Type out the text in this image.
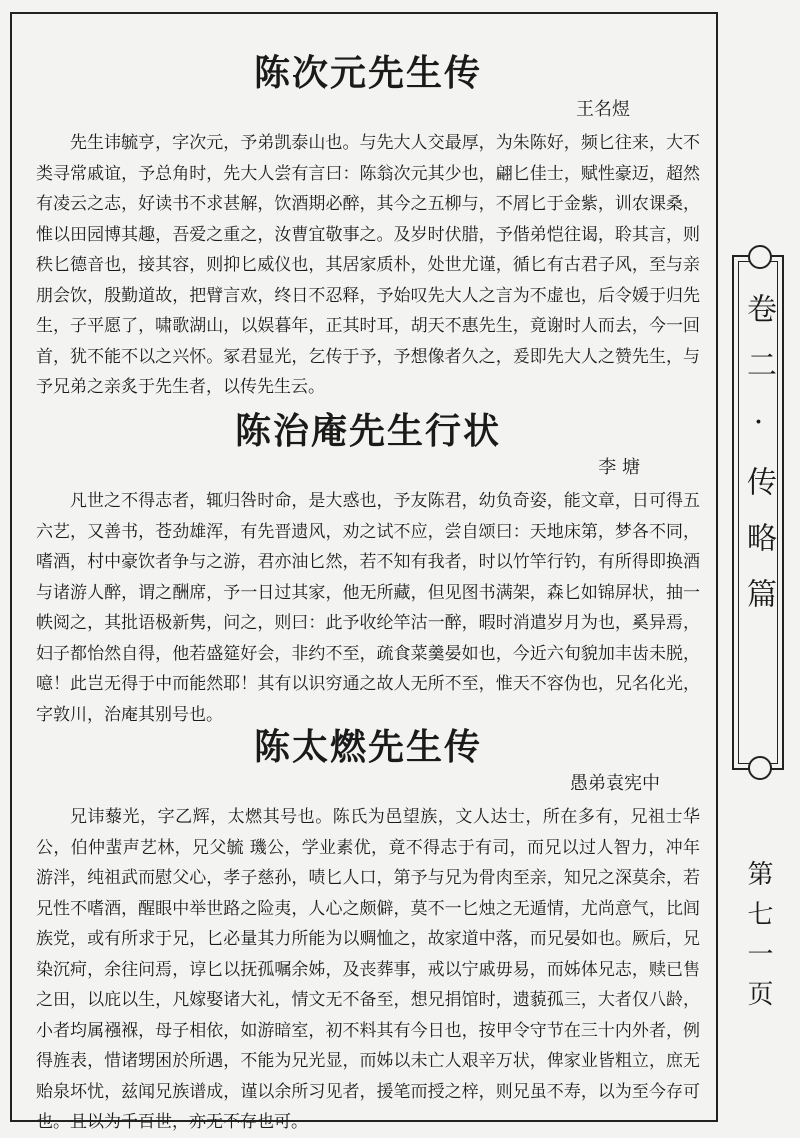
陈次元先生传
王名煜

先生讳毓亨，字次元，予弟凯泰山也。与先大人交最厚，为朱陈好，频匕往来，大不类寻常戚谊，予总角时，先大人尝有言曰：陈翁次元其少也，翩匕佳士，赋性豪迈，超然有凌云之志，好读书不求甚解，饮酒期必醉，其今之五柳与，不屑匕于金紫，训农课桑，惟以田园博其趣，吾爱之重之，汝曹宜敬事之。及岁时伏腊，予偕弟恺往谒，聆其言，则秩匕德音也，接其容，则抑匕威仪也，其居家质朴，处世尤谨，循匕有古君子风，至与亲朋会饮，殷勤道故，把臂言欢，终日不忍释，予始叹先大人之言为不虚也，后令媛于归先生，子平愿了，啸歌湖山，以娱暮年，正其时耳，胡天不惠先生，竟谢时人而去，今一回首，犹不能不以之兴怀。冢君显光，乞传于予，予想像者久之，爰即先大人之赞先生，与予兄弟之亲炙于先生者，以传先生云。

陈治庵先生行状
李 塘

凡世之不得志者，辄归咎时命，是大惑也，予友陈君，幼负奇姿，能文章，日可得五六艺，又善书，苍劲雄浑，有先晋遗风，劝之试不应，尝自颂曰：天地床第，梦各不同，嗜酒，村中豪饮者争与之游，君亦油匕然，若不知有我者，时以竹竿行钓，有所得即换酒与诸游人醉，谓之酬席，予一日过其家，他无所藏，但见图书满架，森匕如锦屏状，抽一帙阅之，其批语极新隽，问之，则曰：此予收纶竿沽一醉，暇时消遣岁月为也，奚异焉，妇子都怡然自得，他若盛筵好会，非约不至，疏食菜羹晏如也，今近六旬貌加丰齿未脱，噫！此岂无得于中而能然耶！其有以识穷通之故人无所不至，惟天不容伪也，兄名化光，字敦川，治庵其别号也。

陈太燃先生传
愚弟袁宪中

兄讳藜光，字乙辉，太燃其号也。陈氏为邑望族，文人达士，所在多有，兄祖士华公，伯仲蜚声艺林，兄父毓 璣公，学业素优，竟不得志于有司，而兄以过人智力，冲年游泮，纯祖武而慰父心，孝子慈孙，啧匕人口，第予与兄为骨肉至亲，知兄之深莫余，若兄性不嗜酒，醒眼中举世路之险夷，人心之颇僻，莫不一匕烛之无遁情，尤尚意气，比闾族党，或有所求于兄，匕必量其力所能为以赒恤之，故家道中落，而兄晏如也。厥后，兄染沉疴，余往问焉，谆匕以抚孤嘱余姊，及丧葬事，戒以宁戚毋易，而姊体兄志，赎已售之田，以庇以生，凡嫁娶诸大礼，情文无不备至，想兄捐馆时，遗藐孤三，大者仅八龄，小者均属襁褓，母子相依，如游暗室，初不料其有今日也，按甲令守节在三十内外者，例得旌表，惜诸甥困於所遇，不能为兄光显，而姊以未亡人艰辛万状，俾家业皆粗立，庶无贻泉坏忧，兹闻兄族谱成，谨以余所习见者，援笔而授之梓，则兄虽不寿，以为至今存可也。且以为千百世，亦无不存也可。

卷二·传略篇
第七一页
